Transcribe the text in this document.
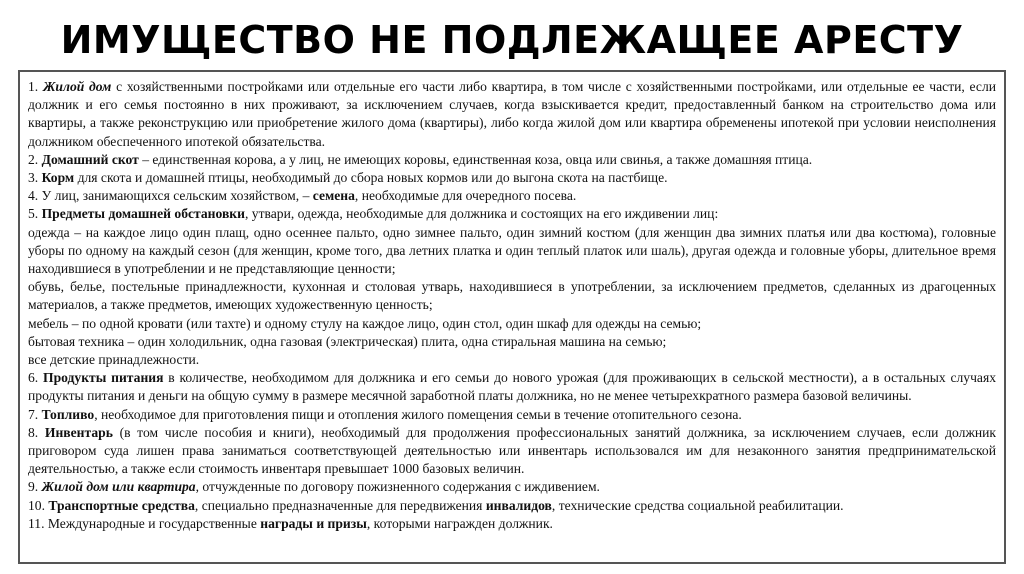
ИМУЩЕСТВО НЕ ПОДЛЕЖАЩЕЕ АРЕСТУ

1. Жилой дом с хозяйственными постройками или отдельные его части либо квартира, в том числе с хозяйственными постройками, или отдельные ее части, если должник и его семья постоянно в них проживают, за исключением случаев, когда взыскивается кредит, предоставленный банком на строительство дома или квартиры, а также реконструкцию или приобретение жилого дома (квартиры), либо когда жилой дом или квартира обременены ипотекой при условии неисполнения должником обеспеченного ипотекой обязательства.

2. Домашний скот – единственная корова, а у лиц, не имеющих коровы, единственная коза, овца или свинья, а также домашняя птица.

3. Корм для скота и домашней птицы, необходимый до сбора новых кормов или до выгона скота на пастбище.

4. У лиц, занимающихся сельским хозяйством, – семена, необходимые для очередного посева.

5. Предметы домашней обстановки, утвари, одежда, необходимые для должника и состоящих на его иждивении лиц:

одежда – на каждое лицо один плащ, одно осеннее пальто, одно зимнее пальто, один зимний костюм (для женщин два зимних платья или два костюма), головные уборы по одному на каждый сезон (для женщин, кроме того, два летних платка и один теплый платок или шаль), другая одежда и головные уборы, длительное время находившиеся в употреблении и не представляющие ценности;

обувь, белье, постельные принадлежности, кухонная и столовая утварь, находившиеся в употреблении, за исключением предметов, сделанных из драгоценных материалов, а также предметов, имеющих художественную ценность;

мебель – по одной кровати (или тахте) и одному стулу на каждое лицо, один стол, один шкаф для одежды на семью;

бытовая техника – один холодильник, одна газовая (электрическая) плита, одна стиральная машина на семью;

все детские принадлежности.

6. Продукты питания в количестве, необходимом для должника и его семьи до нового урожая (для проживающих в сельской местности), а в остальных случаях продукты питания и деньги на общую сумму в размере месячной заработной платы должника, но не менее четырехкратного размера базовой величины.

7. Топливо, необходимое для приготовления пищи и отопления жилого помещения семьи в течение отопительного сезона.

8. Инвентарь (в том числе пособия и книги), необходимый для продолжения профессиональных занятий должника, за исключением случаев, если должник приговором суда лишен права заниматься соответствующей деятельностью или инвентарь использовался им для незаконного занятия предпринимательской деятельностью, а также если стоимость инвентаря превышает 1000 базовых величин.

9. Жилой дом или квартира, отчужденные по договору пожизненного содержания с иждивением.

10. Транспортные средства, специально предназначенные для передвижения инвалидов, технические средства социальной реабилитации.

11. Международные и государственные награды и призы, которыми награжден должник.
